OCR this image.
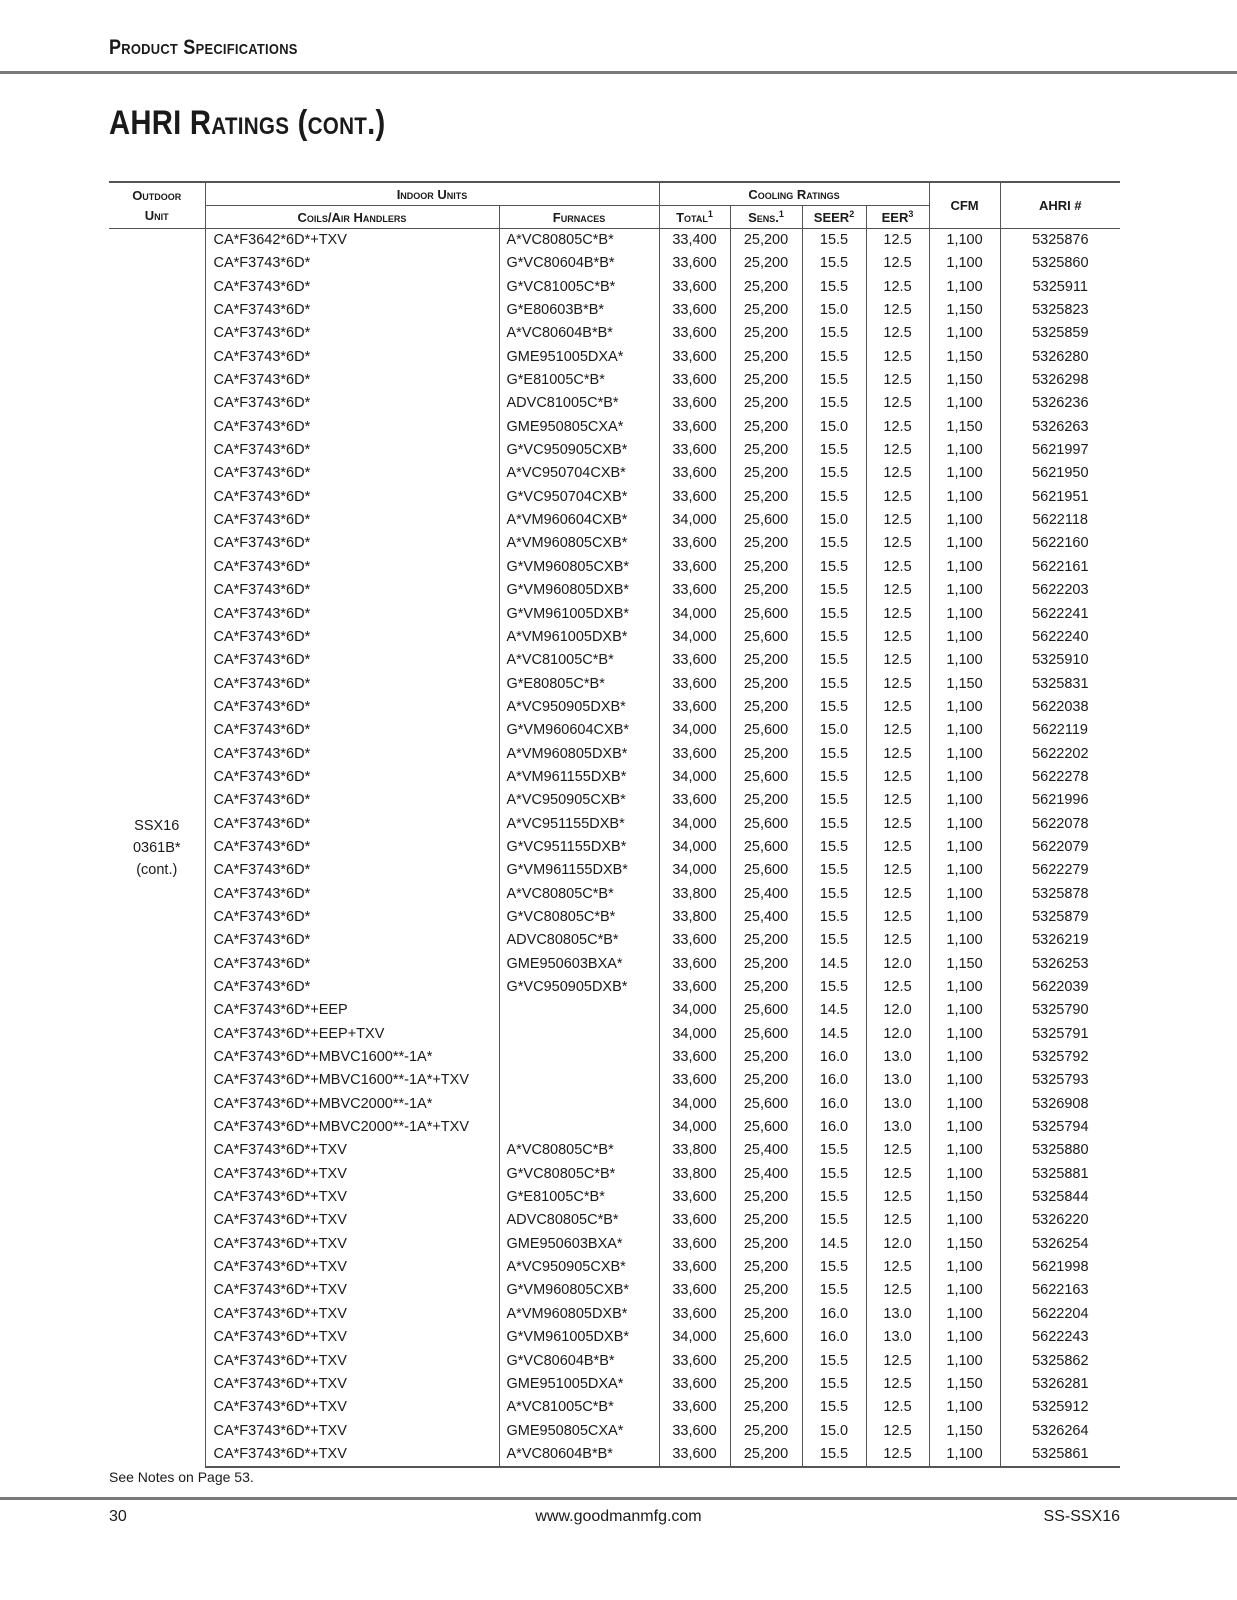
Product Specifications
AHRI Ratings (cont.)
Outdoor Unit	Indoor Units		Cooling Ratings				CFM	AHRI #
	Coils/Air Handlers	Furnaces	Total$^1$	Sens.$^1$	SEER$^2$	EER$^3$

SSX16
0361B*
(cont.)	CA*F3642*6D*+TXV	A*VC80805C*B*	33,400	25,200	15.5	12.5	1,100	5325876
	CA*F3743*6D*	G*VC80604B*B*	33,600	25,200	15.5	12.5	1,100	5325860
	CA*F3743*6D*	G*VC81005C*B*	33,600	25,200	15.5	12.5	1,100	5325911
	CA*F3743*6D*	G*E80603B*B*	33,600	25,200	15.0	12.5	1,150	5325823
	CA*F3743*6D*	A*VC80604B*B*	33,600	25,200	15.5	12.5	1,100	5325859
	CA*F3743*6D*	GME951005DXA*	33,600	25,200	15.5	12.5	1,150	5326280
	CA*F3743*6D*	G*E81005C*B*	33,600	25,200	15.5	12.5	1,150	5326298
	CA*F3743*6D*	ADVC81005C*B*	33,600	25,200	15.5	12.5	1,100	5326236
	CA*F3743*6D*	GME950805CXA*	33,600	25,200	15.0	12.5	1,150	5326263
	CA*F3743*6D*	G*VC950905CXB*	33,600	25,200	15.5	12.5	1,100	5621997
	CA*F3743*6D*	A*VC950704CXB*	33,600	25,200	15.5	12.5	1,100	5621950
	CA*F3743*6D*	G*VC950704CXB*	33,600	25,200	15.5	12.5	1,100	5621951
	CA*F3743*6D*	A*VM960604CXB*	34,000	25,600	15.0	12.5	1,100	5622118
	CA*F3743*6D*	A*VM960805CXB*	33,600	25,200	15.5	12.5	1,100	5622160
	CA*F3743*6D*	G*VM960805CXB*	33,600	25,200	15.5	12.5	1,100	5622161
	CA*F3743*6D*	G*VM960805DXB*	33,600	25,200	15.5	12.5	1,100	5622203
	CA*F3743*6D*	G*VM961005DXB*	34,000	25,600	15.5	12.5	1,100	5622241
	CA*F3743*6D*	A*VM961005DXB*	34,000	25,600	15.5	12.5	1,100	5622240
	CA*F3743*6D*	A*VC81005C*B*	33,600	25,200	15.5	12.5	1,100	5325910
	CA*F3743*6D*	G*E80805C*B*	33,600	25,200	15.5	12.5	1,150	5325831
	CA*F3743*6D*	A*VC950905DXB*	33,600	25,200	15.5	12.5	1,100	5622038
	CA*F3743*6D*	G*VM960604CXB*	34,000	25,600	15.0	12.5	1,100	5622119
	CA*F3743*6D*	A*VM960805DXB*	33,600	25,200	15.5	12.5	1,100	5622202
	CA*F3743*6D*	A*VM961155DXB*	34,000	25,600	15.5	12.5	1,100	5622278
	CA*F3743*6D*	A*VC950905CXB*	33,600	25,200	15.5	12.5	1,100	5621996
	CA*F3743*6D*	A*VC951155DXB*	34,000	25,600	15.5	12.5	1,100	5622078
	CA*F3743*6D*	G*VC951155DXB*	34,000	25,600	15.5	12.5	1,100	5622079
	CA*F3743*6D*	G*VM961155DXB*	34,000	25,600	15.5	12.5	1,100	5622279
	CA*F3743*6D*	A*VC80805C*B*	33,800	25,400	15.5	12.5	1,100	5325878
	CA*F3743*6D*	G*VC80805C*B*	33,800	25,400	15.5	12.5	1,100	5325879
	CA*F3743*6D*	ADVC80805C*B*	33,600	25,200	15.5	12.5	1,100	5326219
	CA*F3743*6D*	GME950603BXA*	33,600	25,200	14.5	12.0	1,150	5326253
	CA*F3743*6D*	G*VC950905DXB*	33,600	25,200	15.5	12.5	1,100	5622039
	CA*F3743*6D*+EEP		34,000	25,600	14.5	12.0	1,100	5325790
	CA*F3743*6D*+EEP+TXV		34,000	25,600	14.5	12.0	1,100	5325791
	CA*F3743*6D*+MBVC1600**-1A*		33,600	25,200	16.0	13.0	1,100	5325792
	CA*F3743*6D*+MBVC1600**-1A*+TXV		33,600	25,200	16.0	13.0	1,100	5325793
	CA*F3743*6D*+MBVC2000**-1A*		34,000	25,600	16.0	13.0	1,100	5326908
	CA*F3743*6D*+MBVC2000**-1A*+TXV		34,000	25,600	16.0	13.0	1,100	5325794
	CA*F3743*6D*+TXV	A*VC80805C*B*	33,800	25,400	15.5	12.5	1,100	5325880
	CA*F3743*6D*+TXV	G*VC80805C*B*	33,800	25,400	15.5	12.5	1,100	5325881
	CA*F3743*6D*+TXV	G*E81005C*B*	33,600	25,200	15.5	12.5	1,150	5325844
	CA*F3743*6D*+TXV	ADVC80805C*B*	33,600	25,200	15.5	12.5	1,100	5326220
	CA*F3743*6D*+TXV	GME950603BXA*	33,600	25,200	14.5	12.0	1,150	5326254
	CA*F3743*6D*+TXV	A*VC950905CXB*	33,600	25,200	15.5	12.5	1,100	5621998
	CA*F3743*6D*+TXV	G*VM960805CXB*	33,600	25,200	15.5	12.5	1,100	5622163
	CA*F3743*6D*+TXV	A*VM960805DXB*	33,600	25,200	16.0	13.0	1,100	5622204
	CA*F3743*6D*+TXV	G*VM961005DXB*	34,000	25,600	16.0	13.0	1,100	5622243
	CA*F3743*6D*+TXV	G*VC80604B*B*	33,600	25,200	15.5	12.5	1,100	5325862
	CA*F3743*6D*+TXV	GME951005DXA*	33,600	25,200	15.5	12.5	1,150	5326281
	CA*F3743*6D*+TXV	A*VC81005C*B*	33,600	25,200	15.5	12.5	1,100	5325912
	CA*F3743*6D*+TXV	GME950805CXA*	33,600	25,200	15.0	12.5	1,150	5326264
	CA*F3743*6D*+TXV	A*VC80604B*B*	33,600	25,200	15.5	12.5	1,100	5325861
See Notes on Page 53.
30	www.goodmanmfg.com	SS-SSX16
